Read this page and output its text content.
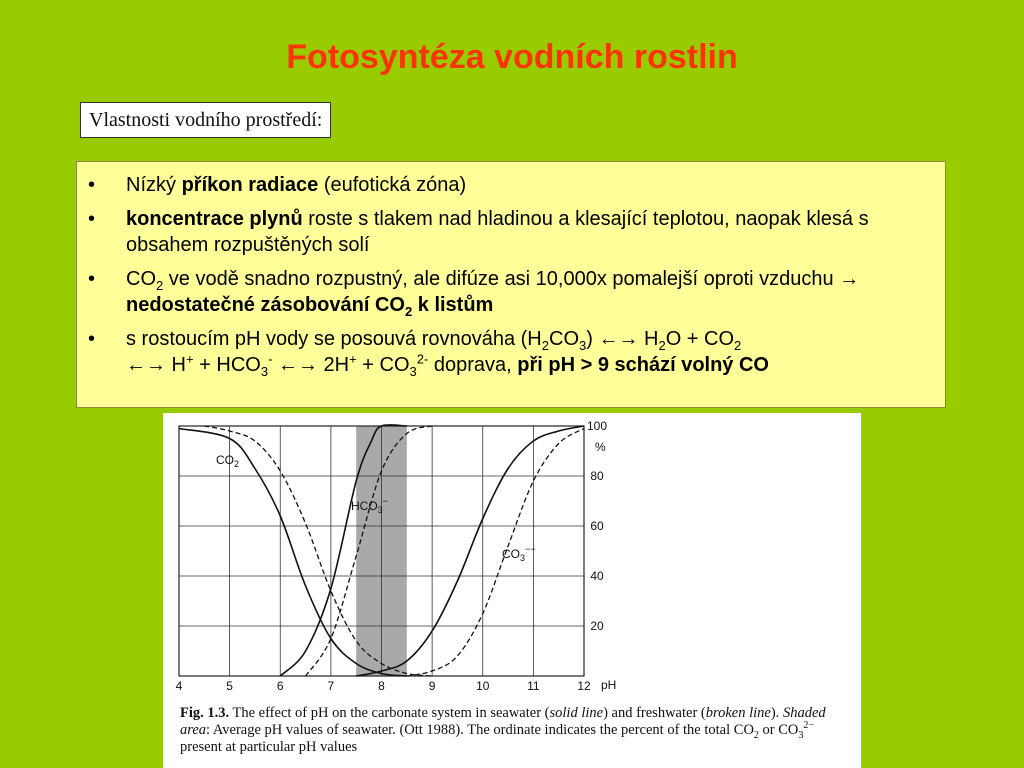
Fotosyntéza vodních rostlin
Vlastnosti vodního prostředí:
• Nízký příkon radiace (eufotická zóna)
• koncentrace plynů roste s tlakem nad hladinou a klesající teplotou, naopak klesá s obsahem rozpuštěných solí
• $CO_2$ ve vodě snadno rozpustný, ale difúze asi 10,000x pomalejší oproti vzduchu → nedostatečné zásobování $CO_2$ k listům
• s rostoucím pH vody se posouvá rovnováha $(H_2CO_3)$ ←→ $H_2O + CO_2$
←→ $H^+ + HCO_3^-$ ←→ $2H^+ + CO_3^{2-}$ doprava, při pH > 9 schází volný CO
4	5	6	7	8	9	10	11	12
20
40
60
80
100
%
pH
$CO_2$
$HCO_3^-$
$CO_3^{--}$
Fig. 1.3. The effect of pH on the carbonate system in seawater (solid line) and freshwater (broken line). Shaded area: Average pH values of seawater. (Ott 1988). The ordinate indicates the percent of the total $CO_2$ or $CO_3^{2-}$ present at particular pH values
